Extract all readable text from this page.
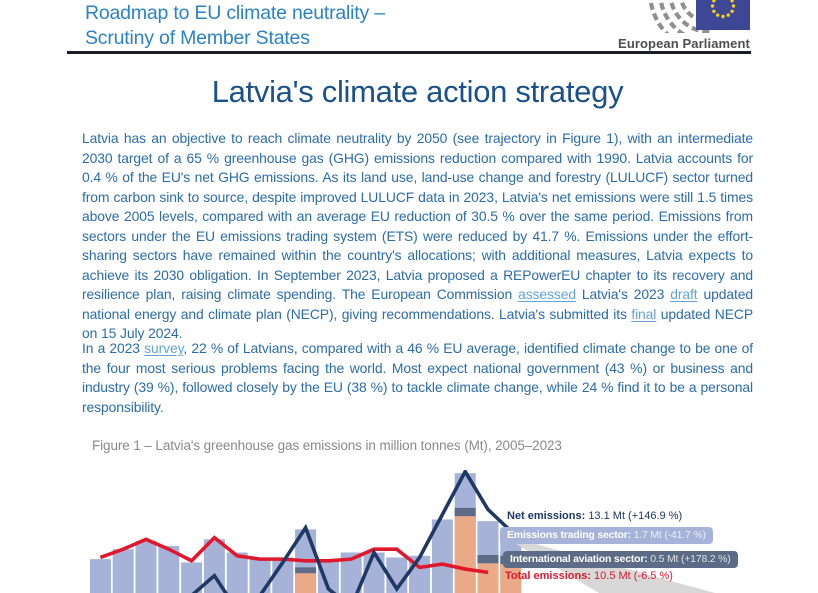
Roadmap to EU climate neutrality –
Scrutiny of Member States	European Parliament
Latvia's climate action strategy

Latvia has an objective to reach climate neutrality by 2050 (see trajectory in Figure 1), with an intermediate 2030 target of a 65 % greenhouse gas (GHG) emissions reduction compared with 1990. Latvia accounts for 0.4 % of the EU's net GHG emissions. As its land use, land-use change and forestry (LULUCF) sector turned from carbon sink to source, despite improved LULUCF data in 2023, Latvia's net emissions were still 1.5 times above 2005 levels, compared with an average EU reduction of 30.5 % over the same period. Emissions from sectors under the EU emissions trading system (ETS) were reduced by 41.7 %. Emissions under the effort-sharing sectors have remained within the country's allocations; with additional measures, Latvia expects to achieve its 2030 obligation. In September 2023, Latvia proposed a REPowerEU chapter to its recovery and resilience plan, raising climate spending. The European Commission assessed Latvia's 2023 draft updated national energy and climate plan (NECP), giving recommendations. Latvia's submitted its final updated NECP on 15 July 2024.

In a 2023 survey, 22 % of Latvians, compared with a 46 % EU average, identified climate change to be one of the four most serious problems facing the world. Most expect national government (43 %) or business and industry (39 %), followed closely by the EU (38 %) to tackle climate change, while 24 % find it to be a personal responsibility.

Figure 1 – Latvia's greenhouse gas emissions in million tonnes (Mt), 2005–2023
Net emissions: 13.1 Mt (+146.9 %)
Emissions trading sector: 1.7 Mt (-41.7 %)
International aviation sector: 0.5 Mt (+178.2 %)
Total emissions: 10.5 Mt (-6.5 %)
